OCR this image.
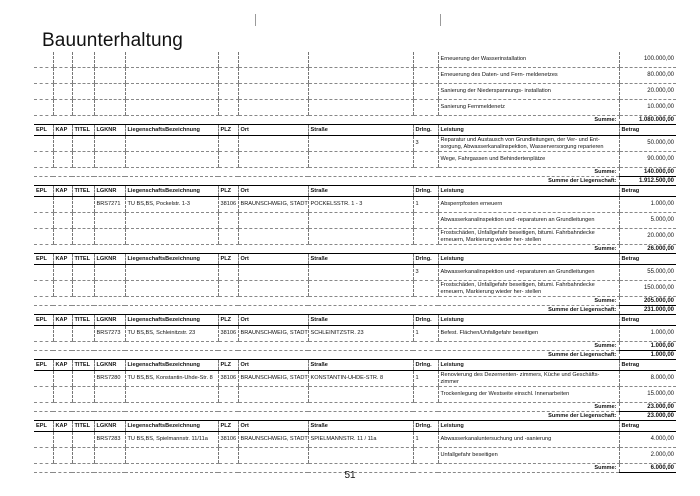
Bauunterhaltung
									Erneuerung der Wasserinstallation	100.000,00
									Erneuerung des Daten- und Fern- meldenetzes	80.000,00
									Sanierung der Niederspannungs- installation	20.000,00
									Sanierung Fernmeldenetz	10.000,00
Summe:										1.080.000,00
EPL	KAP	TITEL	LGKNR	LiegenschaftsBezeichnung	PLZ	Ort	Straße	Drlng.	Leistung	Betrag
								3	Reparatur und Austausch von Grundleitungen, der Ver- und Ent- sorgung, Abwasserkanalinspektion, Wasserversorgung reparieren	50.000,00
									Wege, Fahrgassen und Behindertenplätze	90.000,00
Summe:										140.000,00
Summe der Liegenschaft:										1.912.500,00
EPL	KAP	TITEL	LGKNR	LiegenschaftsBezeichnung	PLZ	Ort	Straße	Drlng.	Leistung	Betrag
			BRS7271	TU BS,BS, Pockelstr. 1-3	38106	BRAUNSCHWEIG, STADT	POCKELSSTR. 1 - 3	1	Absperrpfosten erneuern	1.000,00
									Abwasserkanalinspektion und -reparaturen an Grundleitungen	5.000,00
									Frostschäden, Unfallgefahr beseitigen, bitumi. Fahrbahndecke erneuern, Markierung wieder her- stellen	20.000,00
Summe:										26.000,00
EPL	KAP	TITEL	LGKNR	LiegenschaftsBezeichnung	PLZ	Ort	Straße	Drlng.	Leistung	Betrag
								3	Abwasserkanalinspektion und -reparaturen an Grundleitungen	55.000,00
									Frostschäden, Unfallgefahr beseitigen, bitumi. Fahrbahndecke erneuern, Markierung wieder her- stellen	150.000,00
Summe:										205.000,00
Summe der Liegenschaft:										231.000,00
EPL	KAP	TITEL	LGKNR	LiegenschaftsBezeichnung	PLZ	Ort	Straße	Drlng.	Leistung	Betrag
			BRS7273	TU BS,BS, Schleinitzstr. 23	38106	BRAUNSCHWEIG, STADT	SCHLEINITZSTR. 23	1	Befest. Flächen/Unfallgefahr beseitigen	1.000,00
Summe:										1.000,00
Summe der Liegenschaft:										1.000,00
EPL	KAP	TITEL	LGKNR	LiegenschaftsBezeichnung	PLZ	Ort	Straße	Drlng.	Leistung	Betrag
			BRS7280	TU BS,BS, Konstantin-Uhde-Str. 8	38106	BRAUNSCHWEIG, STADT	KONSTANTIN-UHDE-STR. 8	1	Renovierung des Dezernenten- zimmers, Küche und Geschäfts- zimmer	8.000,00
									Trockenlegung der Westseite einschl. Innenarbeiten	15.000,00
Summe:										23.000,00
Summe der Liegenschaft:										23.000,00
EPL	KAP	TITEL	LGKNR	LiegenschaftsBezeichnung	PLZ	Ort	Straße	Drlng.	Leistung	Betrag
			BRS7283	TU BS,BS, Spielmannstr. 11/11a	38106	BRAUNSCHWEIG, STADT	SPIELMANNSTR. 11 / 11a	1	Abwasserkanaluntersuchung und -sanierung	4.000,00
									Unfallgefahr beseitigen	2.000,00
Summe:										6.000,00
51
